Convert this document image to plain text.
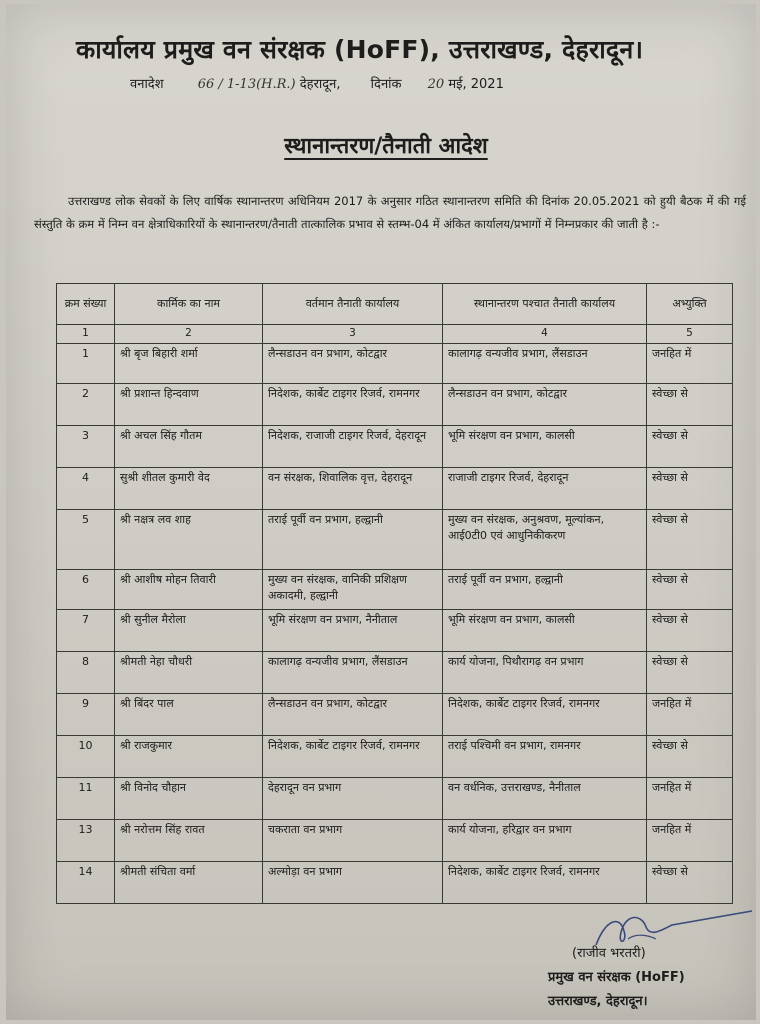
कार्यालय प्रमुख वन संरक्षक (HoFF), उत्तराखण्ड, देहरादून।
वनादेश	66 / 1-13(H.R.) देहरादून, दिनांक 20 मई, 2021
स्थानान्तरण/तैनाती आदेश
उत्तराखण्ड लोक सेवकों के लिए वार्षिक स्थानान्तरण अधिनियम 2017 के अनुसार गठित स्थानान्तरण समिति की दिनांक 20.05.2021 को हुयी बैठक में की गई संस्तुति के क्रम में निम्न वन क्षेत्राधिकारियों के स्थानान्तरण/तैनाती तात्कालिक प्रभाव से स्तम्भ-04 में अंकित कार्यालय/प्रभागों में निम्नप्रकार की जाती है :-
क्रम संख्या	कार्मिक का नाम	वर्तमान तैनाती कार्यालय	स्थानान्तरण पश्चात तैनाती कार्यालय	अभ्युक्ति
1	2	3	4	5
1	श्री बृज बिहारी शर्मा	लैन्सडाउन वन प्रभाग, कोटद्वार	कालागढ़ वन्यजीव प्रभाग, लैंसडाउन	जनहित में
2	श्री प्रशान्त हिन्दवाण	निदेशक, कार्बेट टाइगर रिजर्व, रामनगर	लैन्सडाउन वन प्रभाग, कोटद्वार	स्वेच्छा से
3	श्री अचल सिंह गौतम	निदेशक, राजाजी टाइगर रिजर्व, देहरादून	भूमि संरक्षण वन प्रभाग, कालसी	स्वेच्छा से
4	सुश्री शीतल कुमारी वेद	वन संरक्षक, शिवालिक वृत्त, देहरादून	राजाजी टाइगर रिजर्व, देहरादून	स्वेच्छा से
5	श्री नक्षत्र लव शाह	तराई पूर्वी वन प्रभाग, हल्द्वानी	मुख्य वन संरक्षक, अनुश्रवण, मूल्यांकन, आई0टी0 एवं आधुनिकीकरण	स्वेच्छा से
6	श्री आशीष मोहन तिवारी	मुख्य वन संरक्षक, वानिकी प्रशिक्षण अकादमी, हल्द्वानी	तराई पूर्वी वन प्रभाग, हल्द्वानी	स्वेच्छा से
7	श्री सुनील मैरोला	भूमि संरक्षण वन प्रभाग, नैनीताल	भूमि संरक्षण वन प्रभाग, कालसी	स्वेच्छा से
8	श्रीमती नेहा चौधरी	कालागढ़ वन्यजीव प्रभाग, लैंसडाउन	कार्य योजना, पिथौरागढ़ वन प्रभाग	स्वेच्छा से
9	श्री बिंदर पाल	लैन्सडाउन वन प्रभाग, कोटद्वार	निदेशक, कार्बेट टाइगर रिजर्व, रामनगर	जनहित में
10	श्री राजकुमार	निदेशक, कार्बेट टाइगर रिजर्व, रामनगर	तराई पश्चिमी वन प्रभाग, रामनगर	स्वेच्छा से
11	श्री विनोद चौहान	देहरादून वन प्रभाग	वन वर्धनिक, उत्तराखण्ड, नैनीताल	जनहित में
13	श्री नरोत्तम सिंह रावत	चकराता वन प्रभाग	कार्य योजना, हरिद्वार वन प्रभाग	जनहित में
14	श्रीमती संचिता वर्मा	अल्मोड़ा वन प्रभाग	निदेशक, कार्बेट टाइगर रिजर्व, रामनगर	स्वेच्छा से
(राजीव भरतरी)
प्रमुख वन संरक्षक (HoFF)
उत्तराखण्ड, देहरादून।
